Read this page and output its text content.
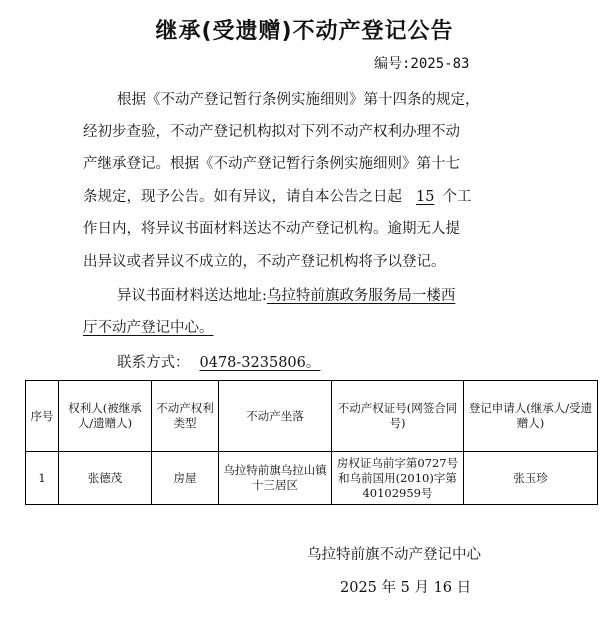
继承(受遗赠)不动产登记公告
编号:2025-83
根据《不动产登记暂行条例实施细则》第十四条的规定，
经初步查验，不动产登记机构拟对下列不动产权利办理不动
产继承登记。根据《不动产登记暂行条例实施细则》第十七
条规定，现予公告。如有异议，请自本公告之日起 15 个工
作日内，将异议书面材料送达不动产登记机构。逾期无人提
出异议或者异议不成立的，不动产登记机构将予以登记。
异议书面材料送达地址:乌拉特前旗政务服务局一楼西
厅不动产登记中心。
联系方式： 0478-3235806。
序号	权利人(被继承人/遗赠人)	不动产权利类型	不动产坐落	不动产权证号(网签合同号)	登记申请人(继承人/受遗赠人)
1	张德茂	房屋	乌拉特前旗乌拉山镇十三居区	房权证乌前字第0727号和乌前国用(2010)字第40102959号	张玉珍
乌拉特前旗不动产登记中心
2025 年 5 月 16 日
